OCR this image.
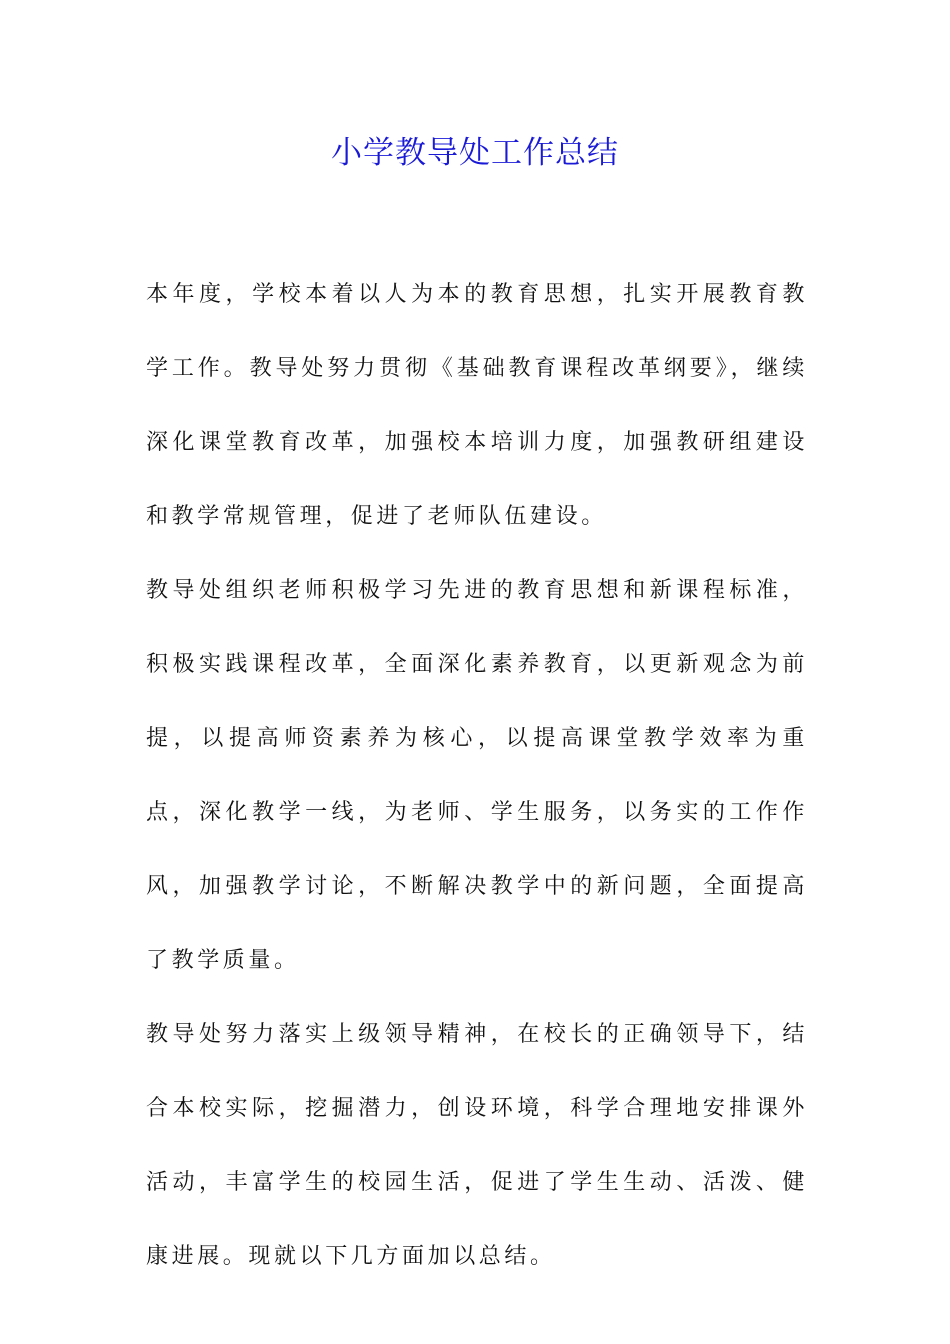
小学教导处工作总结

本年度，学校本着以人为本的教育思想，扎实开展教育教学工作。教导处努力贯彻《基础教育课程改革纲要》，继续深化课堂教育改革，加强校本培训力度，加强教研组建设和教学常规管理，促进了老师队伍建设。

教导处组织老师积极学习先进的教育思想和新课程标准，积极实践课程改革，全面深化素养教育，以更新观念为前提，以提高师资素养为核心，以提高课堂教学效率为重点，深化教学一线，为老师、学生服务，以务实的工作作风，加强教学讨论，不断解决教学中的新问题，全面提高了教学质量。

教导处努力落实上级领导精神，在校长的正确领导下，结合本校实际，挖掘潜力，创设环境，科学合理地安排课外活动，丰富学生的校园生活，促进了学生生动、活泼、健康进展。现就以下几方面加以总结。
